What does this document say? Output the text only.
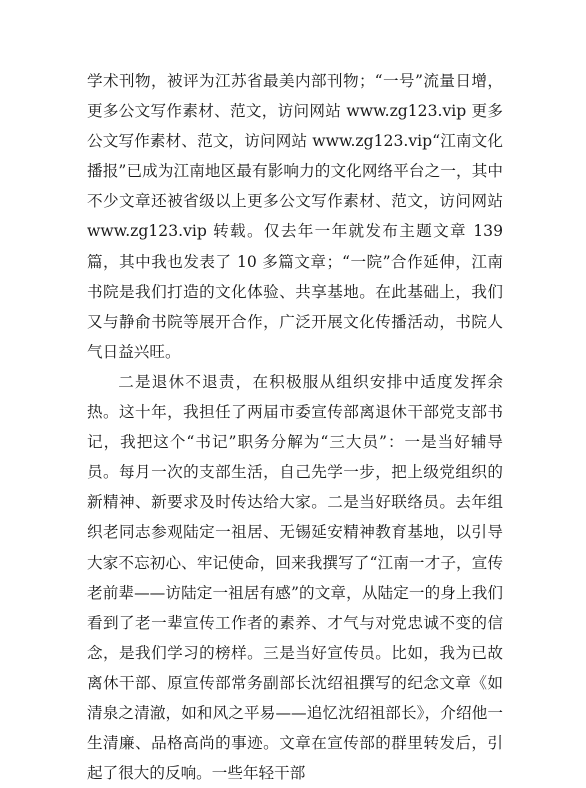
学术刊物，被评为江苏省最美内部刊物；“一号”流量日增，更多公文写作素材、范文，访问网站 www.zg123.vip 更多公文写作素材、范文，访问网站 www.zg123.vip“江南文化播报”已成为江南地区最有影响力的文化网络平台之一，其中不少文章还被省级以上更多公文写作素材、范文，访问网站 www.zg123.vip 转载。仅去年一年就发布主题文章 139 篇，其中我也发表了 10 多篇文章；“一院”合作延伸，江南书院是我们打造的文化体验、共享基地。在此基础上，我们又与静俞书院等展开合作，广泛开展文化传播活动，书院人气日益兴旺。

二是退休不退责，在积极服从组织安排中适度发挥余热。这十年，我担任了两届市委宣传部离退休干部党支部书记，我把这个“书记”职务分解为“三大员”：一是当好辅导员。每月一次的支部生活，自己先学一步，把上级党组织的新精神、新要求及时传达给大家。二是当好联络员。去年组织老同志参观陆定一祖居、无锡延安精神教育基地，以引导大家不忘初心、牢记使命，回来我撰写了“江南一才子，宣传老前辈——访陆定一祖居有感”的文章，从陆定一的身上我们看到了老一辈宣传工作者的素养、才气与对党忠诚不变的信念，是我们学习的榜样。三是当好宣传员。比如，我为已故离休干部、原宣传部常务副部长沈绍祖撰写的纪念文章《如清泉之清澈，如和风之平易——追忆沈绍祖部长》，介绍他一生清廉、品格高尚的事迹。文章在宣传部的群里转发后，引起了很大的反响。一些年轻干部
